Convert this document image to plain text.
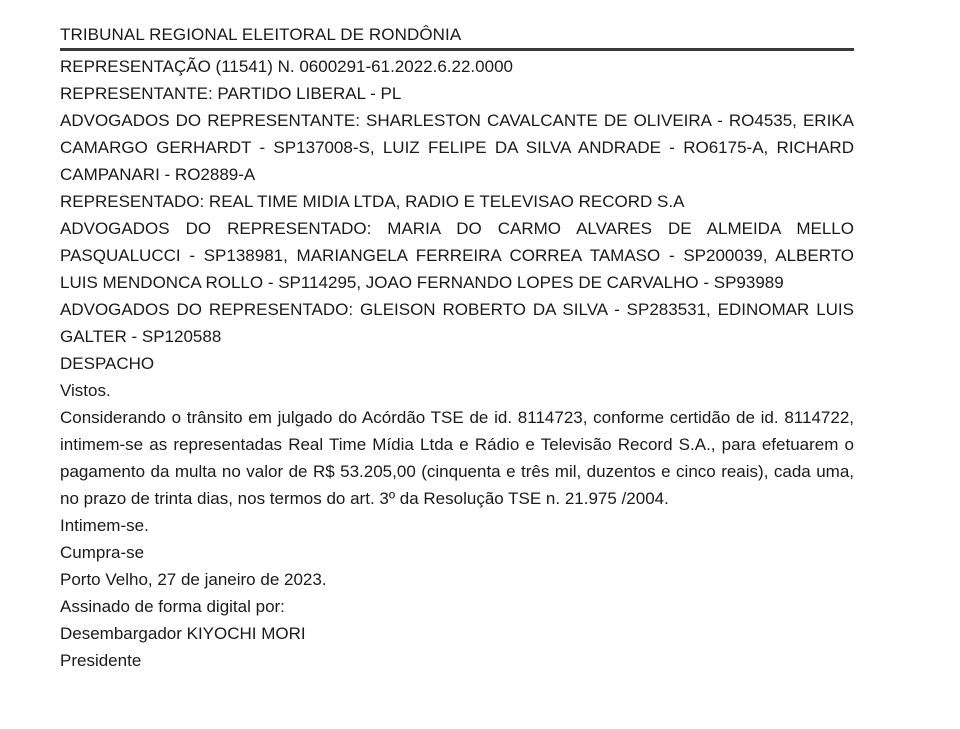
TRIBUNAL REGIONAL ELEITORAL DE RONDÔNIA
REPRESENTAÇÃO (11541) N. 0600291-61.2022.6.22.0000
REPRESENTANTE: PARTIDO LIBERAL - PL
ADVOGADOS DO REPRESENTANTE: SHARLESTON CAVALCANTE DE OLIVEIRA - RO4535, ERIKA CAMARGO GERHARDT - SP137008-S, LUIZ FELIPE DA SILVA ANDRADE - RO6175-A, RICHARD CAMPANARI - RO2889-A
REPRESENTADO: REAL TIME MIDIA LTDA, RADIO E TELEVISAO RECORD S.A
ADVOGADOS DO REPRESENTADO: MARIA DO CARMO ALVARES DE ALMEIDA MELLO PASQUALUCCI - SP138981, MARIANGELA FERREIRA CORREA TAMASO - SP200039, ALBERTO LUIS MENDONCA ROLLO - SP114295, JOAO FERNANDO LOPES DE CARVALHO - SP93989
ADVOGADOS DO REPRESENTADO: GLEISON ROBERTO DA SILVA - SP283531, EDINOMAR LUIS GALTER - SP120588
DESPACHO
Vistos.
Considerando o trânsito em julgado do Acórdão TSE de id. 8114723, conforme certidão de id. 8114722, intimem-se as representadas Real Time Mídia Ltda e Rádio e Televisão Record S.A., para efetuarem o pagamento da multa no valor de R$ 53.205,00 (cinquenta e três mil, duzentos e cinco reais), cada uma, no prazo de trinta dias, nos termos do art. 3º da Resolução TSE n. 21.975 /2004.
Intimem-se.
Cumpra-se
Porto Velho, 27 de janeiro de 2023.
Assinado de forma digital por:
Desembargador KIYOCHI MORI
Presidente
